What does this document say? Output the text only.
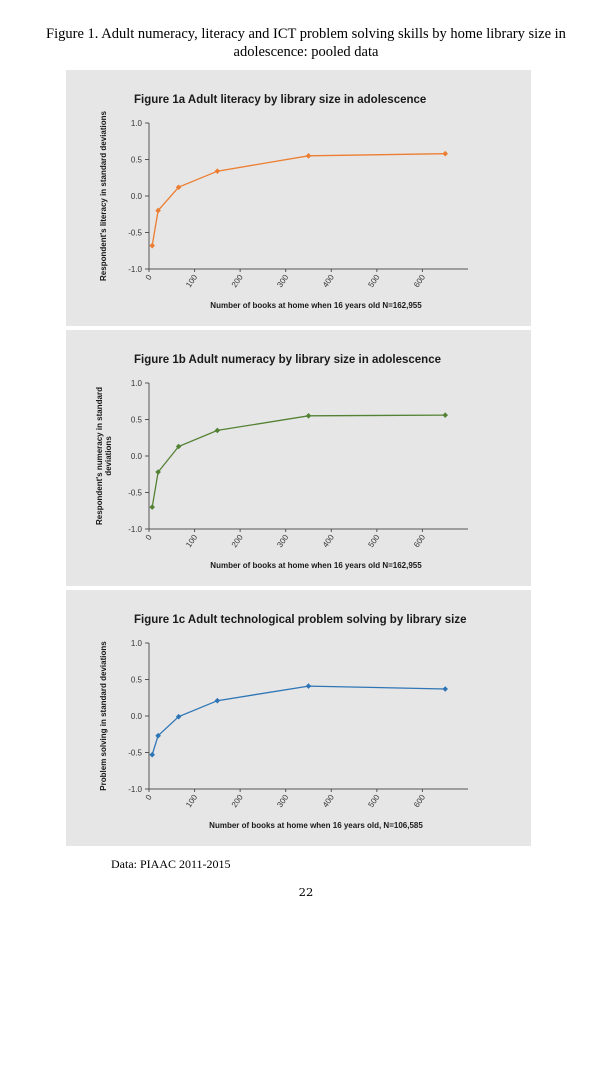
Figure 1. Adult numeracy, literacy and ICT problem solving skills by home library size in adolescence: pooled data
Figure 1a Adult literacy by library size in adolescence
1.0
0.5
0.0
-0.5
-1.0
0	100	200	300	400	500	600
Number of books at home when 16 years old N=162,955
Respondent's literacy in standard deviations
Figure 1b Adult numeracy by library size in adolescence
1.0
0.5
0.0
-0.5
-1.0
0	100	200	300	400	500	600
Number of books at home when 16 years old N=162,955
Respondent's numeracy in standard deviations
Figure 1c Adult technological problem solving by library size
1.0
0.5
0.0
-0.5
-1.0
0	100	200	300	400	500	600
Number of books at home when 16 years old, N=106,585
Problem solving in standard deviations
Data: PIAAC 2011-2015
22
